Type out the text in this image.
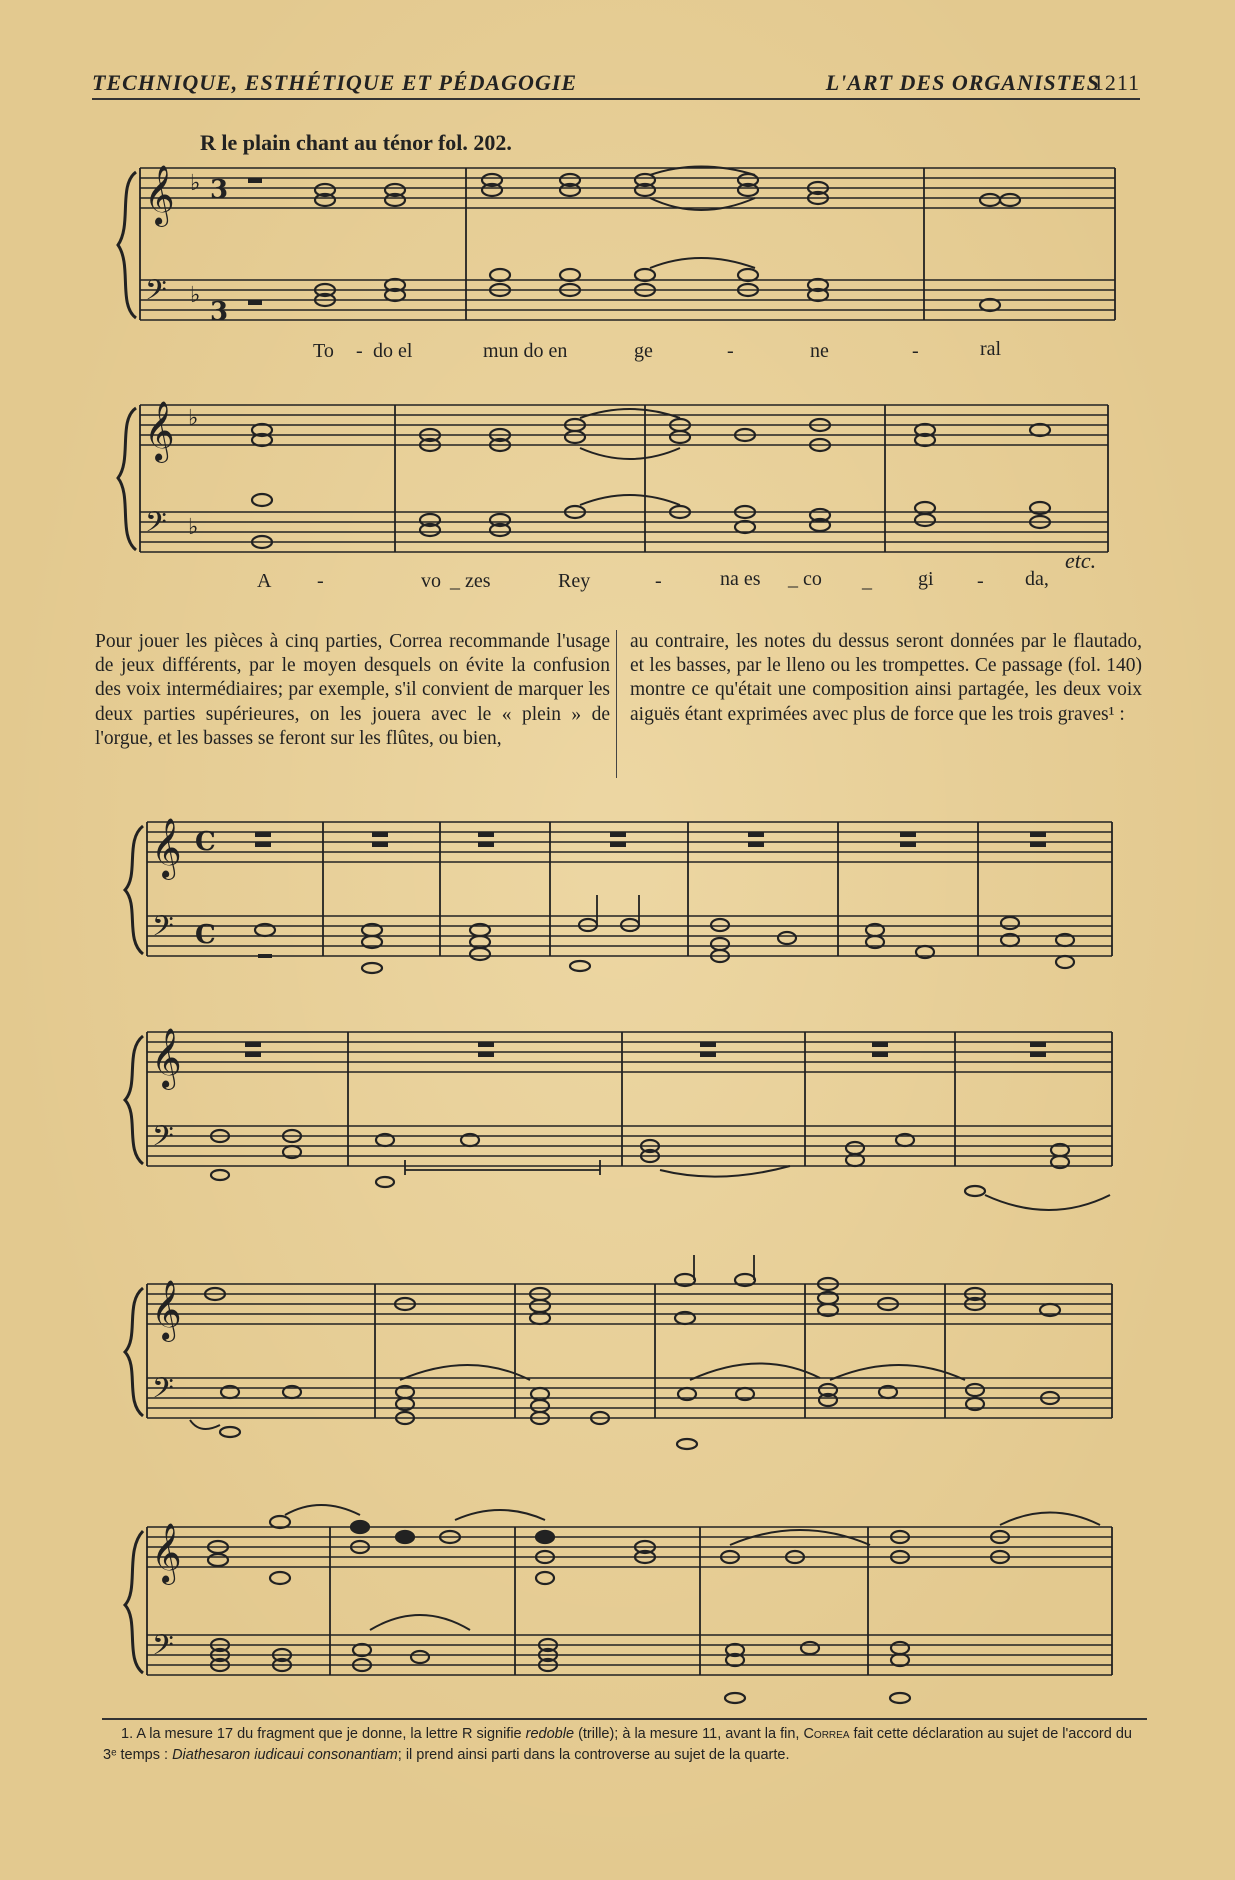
TECHNIQUE, ESTHÉTIQUE ET PÉDAGOGIE	L'ART DES ORGANISTES
1211
R le plain chant au ténor fol. 202.
𝄞
𝄢
♭
♭
3
3
𝄞
𝄢
♭
♭
𝄞
𝄢
C
C
𝄞
𝄢
𝄞
𝄢
𝄞
𝄢
To - do el	mun do en	ge	-	ne	-	ral
A -	vo _ zes	Rey	-	na es _ co _ gi - da,
etc.
Pour jouer les pièces à cinq parties, Correa recommande l'usage de jeux différents, par le moyen desquels on évite la confusion des voix intermédiaires; par exemple, s'il convient de marquer les deux parties supérieures, on les jouera avec le « plein » de l'orgue, et les basses se feront sur les flûtes, ou bien,
au contraire, les notes du dessus seront données par le flautado, et les basses, par le lleno ou les trompettes. Ce passage (fol. 140) montre ce qu'était une composition ainsi partagée, les deux voix aiguës étant exprimées avec plus de force que les trois graves¹ :
1. A la mesure 17 du fragment que je donne, la lettre R signifie redoble (trille); à la mesure 11, avant la fin, Correa fait cette déclaration au sujet de l'accord du 3ᵉ temps : Diathesaron iudicaui consonantiam; il prend ainsi parti dans la controverse au sujet de la quarte.
